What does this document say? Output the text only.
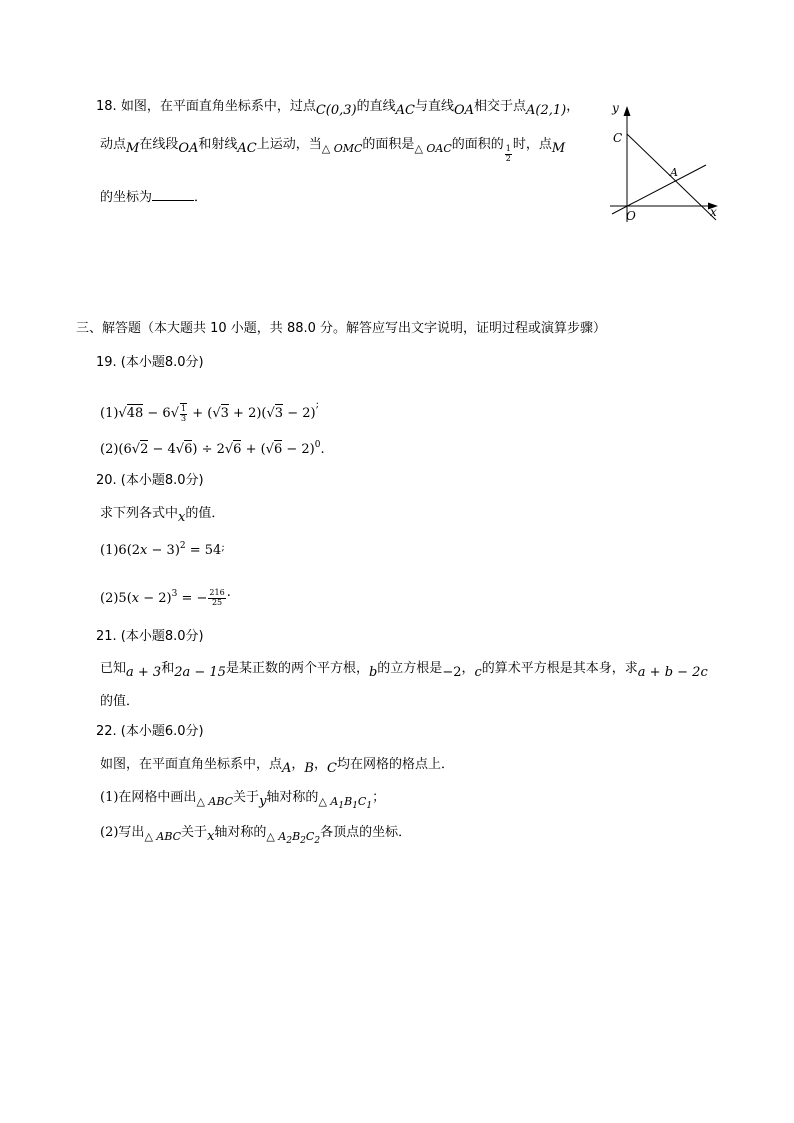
18. 如图，在平面直角坐标系中，过点C(0,3)的直线AC与直线OA相交于点A(2,1)，
动点M在线段OA和射线AC上运动，当$_{\triangle OMC}$的面积是$_{\triangle OAC}$的面积的
$\frac{1}{2}$
时，点M
的坐标为	．
y
C
A
O	x
三、解答题（本大题共 10 小题，共 88.0 分。解答应写出文字说明，证明过程或演算步骤）
19. (本小题8.0分)
$(1)√48 - 6√ \frac{1}{3} + (√3 + 2)(√3 - 2)^;$
$(2)(6√2 - 4√6) \div 2√6 + (√6 - 2)^0$.
20. (本小题8.0分)
求下列各式中x的值．
$(1)6(2x - 3)^2 = 54^;$
$(2)5(x - 2)^3$ = − $\frac{216}{25}$ .
21. (本小题8.0分)
已知a + 3和2a − 15是某正数的两个平方根，b的立方根是−2，c的算术平方根是其本身，求a + b − 2c
的值．
22. (本小题6.0分)
如图，在平面直角坐标系中，点A，B，C均在网格的格点上．
(1)在网格中画出$_{\triangle ABC}$关于y轴对称的$_{\triangle A_1B_1C_1}$；
(2)写出$_{\triangle ABC}$关于x轴对称的$_{\triangle A_2B_2C_2}$各顶点的坐标．
